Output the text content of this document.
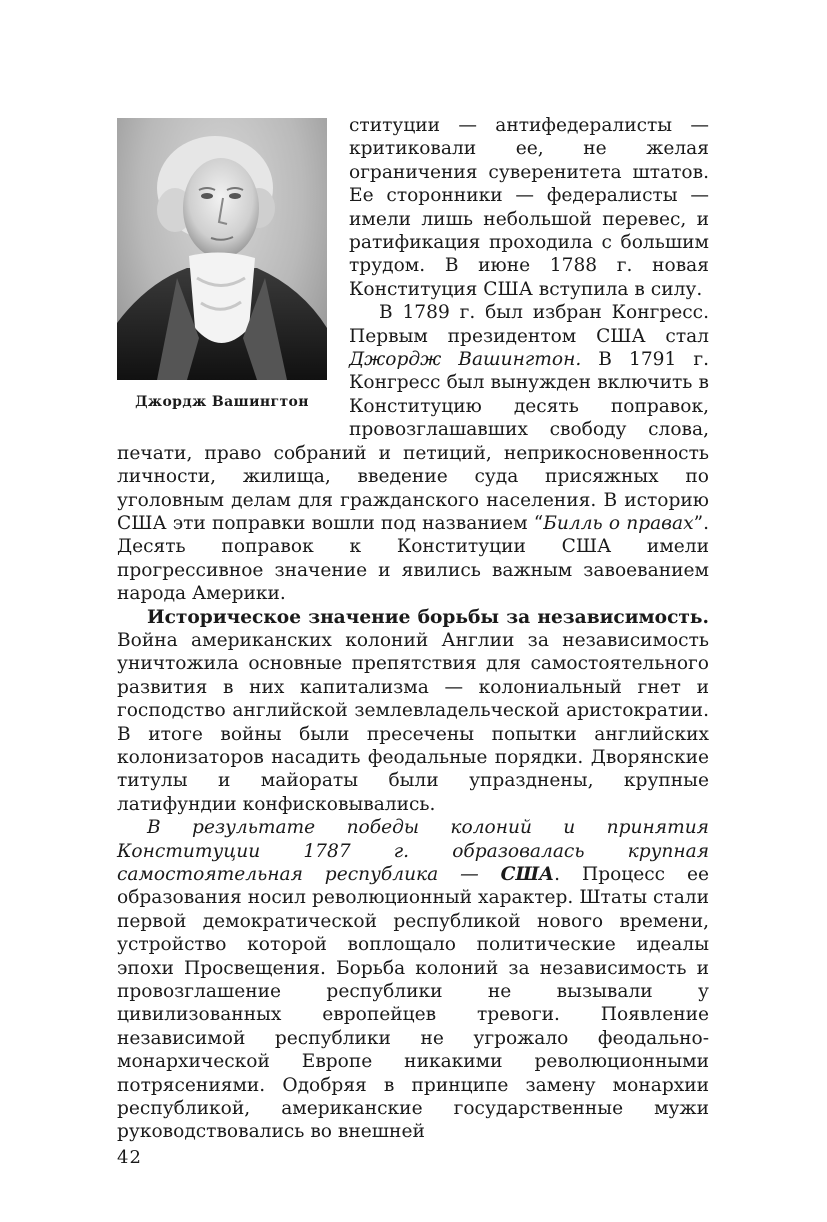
Джордж Вашингтон

ституции — антифедералисты — критиковали ее, не желая ограничения суверенитета штатов. Ее сторонники — федералисты — имели лишь небольшой перевес, и ратификация проходила с большим трудом. В июне 1788 г. новая Конституция США вступила в силу.

В 1789 г. был избран Конгресс. Первым президентом США стал Джордж Вашингтон. В 1791 г. Конгресс был вынужден включить в Конституцию десять поправок, провозглашавших свободу слова, печати, право собраний и петиций, неприкосновенность личности, жилища, введение суда присяжных по уголовным делам для гражданского населения. В историю США эти поправки вошли под названием “Билль о правах”. Десять поправок к Конституции США имели прогрессивное значение и явились важным завоеванием народа Америки.

Историческое значение борьбы за независимость. Война американских колоний Англии за независимость уничтожила основные препятствия для самостоятельного развития в них капитализма — колониальный гнет и господство английской землевладельческой аристократии. В итоге войны были пресечены попытки английских колонизаторов насадить феодальные порядки. Дворянские титулы и майораты были упразднены, крупные латифундии конфисковывались.

В результате победы колоний и принятия Конституции 1787 г. образовалась крупная самостоятельная республика — США. Процесс ее образования носил революционный характер. Штаты стали первой демократической республикой нового времени, устройство которой воплощало политические идеалы эпохи Просвещения. Борьба колоний за независимость и провозглашение республики не вызывали у цивилизованных европейцев тревоги. Появление независимой республики не угрожало феодально-монархической Европе никакими революционными потрясениями. Одобряя в принципе замену монархии республикой, американские государственные мужи руководствовались во внешней

42
